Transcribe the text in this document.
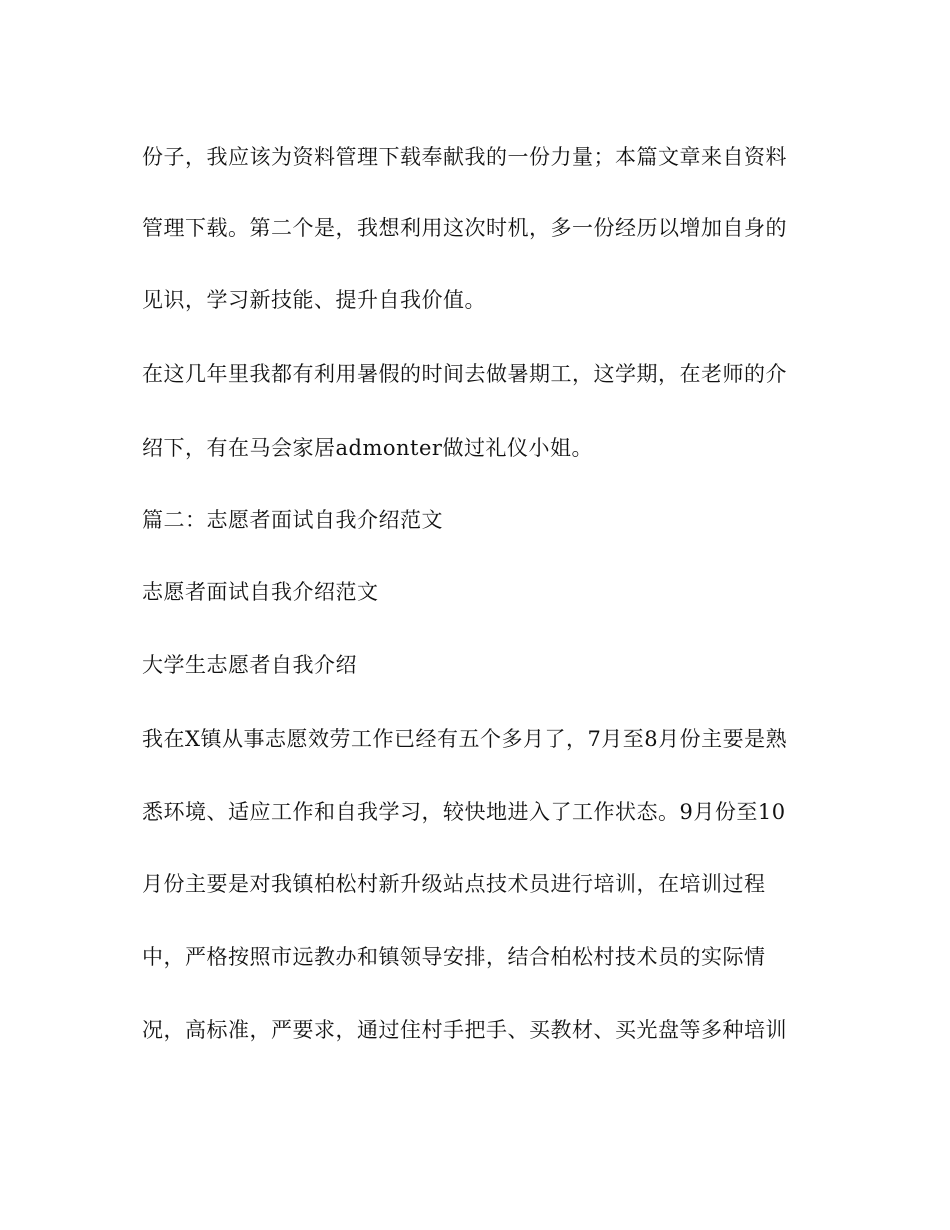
份子，我应该为资料管理下载奉献我的一份力量；本篇文章来自资料
管理下载。第二个是，我想利用这次时机，多一份经历以增加自身的
见识，学习新技能、提升自我价值。
在这几年里我都有利用暑假的时间去做暑期工，这学期，在老师的介
绍下，有在马会家居admonter做过礼仪小姐。
篇二：志愿者面试自我介绍范文
志愿者面试自我介绍范文
大学生志愿者自我介绍
我在X镇从事志愿效劳工作已经有五个多月了，7月至8月份主要是熟
悉环境、适应工作和自我学习，较快地进入了工作状态。9月份至10
月份主要是对我镇柏松村新升级站点技术员进行培训，在培训过程
中，严格按照市远教办和镇领导安排，结合柏松村技术员的实际情
况，高标准，严要求，通过住村手把手、买教材、买光盘等多种培训
